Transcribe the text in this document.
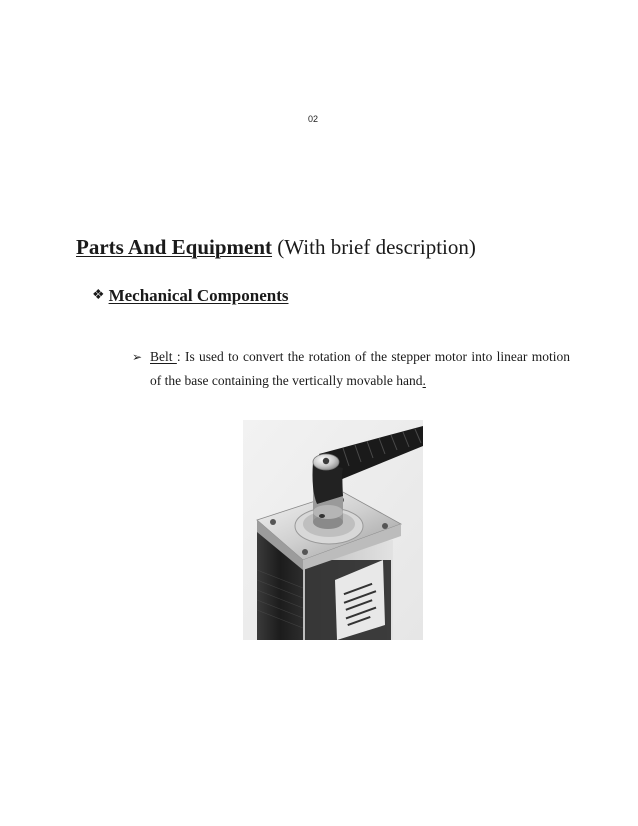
02
Parts And Equipment (With brief description)
❖ Mechanical Components
➢ Belt : Is used to convert the rotation of the stepper motor into linear motion of the base containing the vertically movable hand.
